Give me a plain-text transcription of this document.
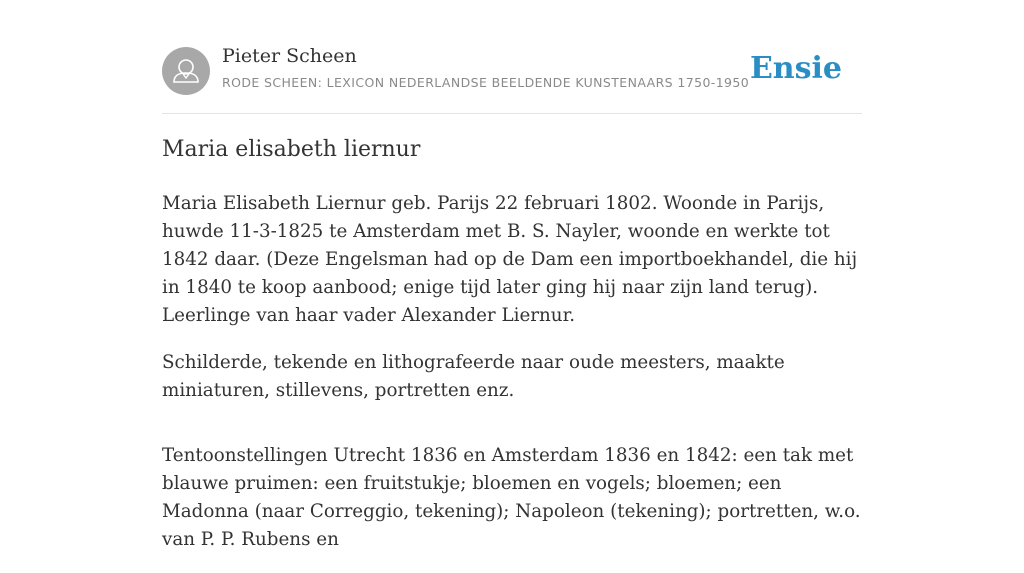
Pieter Scheen
RODE SCHEEN: LEXICON NEDERLANDSE BEELDENDE KUNSTENAARS 1750-1950 Ensie
Maria elisabeth liernur

Maria Elisabeth Liernur geb. Parijs 22 februari 1802. Woonde in Parijs, huwde 11-3-1825 te Amsterdam met B. S. Nayler, woonde en werkte tot 1842 daar. (Deze Engelsman had op de Dam een importboekhandel, die hij in 1840 te koop aanbood; enige tijd later ging hij naar zijn land terug). Leerlinge van haar vader Alexander Liernur.

Schilderde, tekende en lithografeerde naar oude meesters, maakte miniaturen, stillevens, portretten enz.

Tentoonstellingen Utrecht 1836 en Amsterdam 1836 en 1842: een tak met blauwe pruimen: een fruitstukje; bloemen en vogels; bloemen; een Madonna (naar Correggio, tekening); Napoleon (tekening); portretten, w.o. van P. P. Rubens en
